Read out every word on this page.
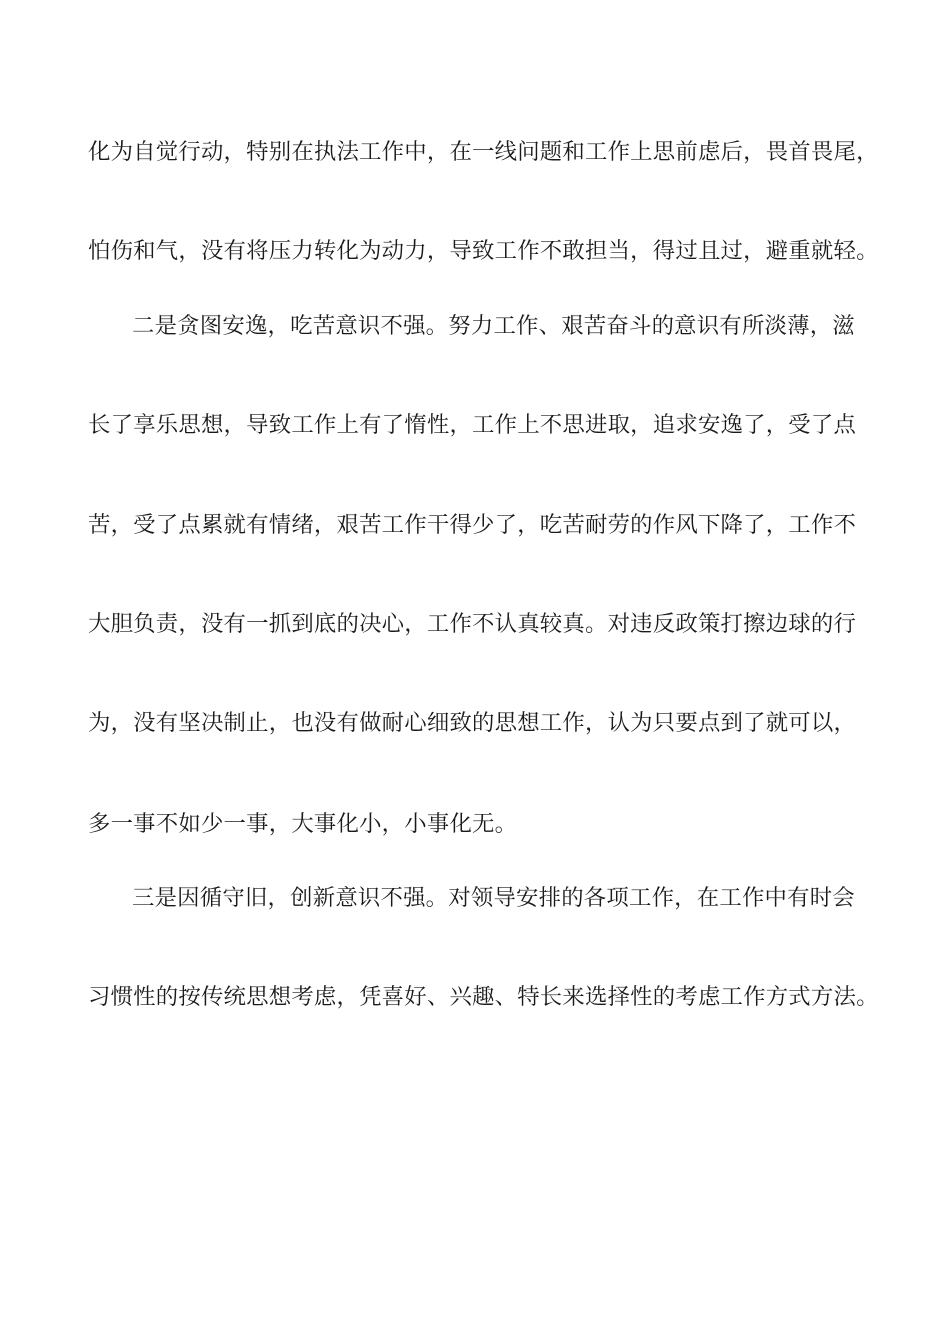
化为自觉行动，特别在执法工作中，在一线问题和工作上思前虑后，畏首畏尾，
怕伤和气，没有将压力转化为动力，导致工作不敢担当，得过且过，避重就轻。
二是贪图安逸，吃苦意识不强。努力工作、艰苦奋斗的意识有所淡薄，滋
长了享乐思想，导致工作上有了惰性，工作上不思进取，追求安逸了，受了点
苦，受了点累就有情绪，艰苦工作干得少了，吃苦耐劳的作风下降了，工作不
大胆负责，没有一抓到底的决心，工作不认真较真。对违反政策打擦边球的行
为，没有坚决制止，也没有做耐心细致的思想工作，认为只要点到了就可以，
多一事不如少一事，大事化小，小事化无。
三是因循守旧，创新意识不强。对领导安排的各项工作，在工作中有时会
习惯性的按传统思想考虑，凭喜好、兴趣、特长来选择性的考虑工作方式方法。
